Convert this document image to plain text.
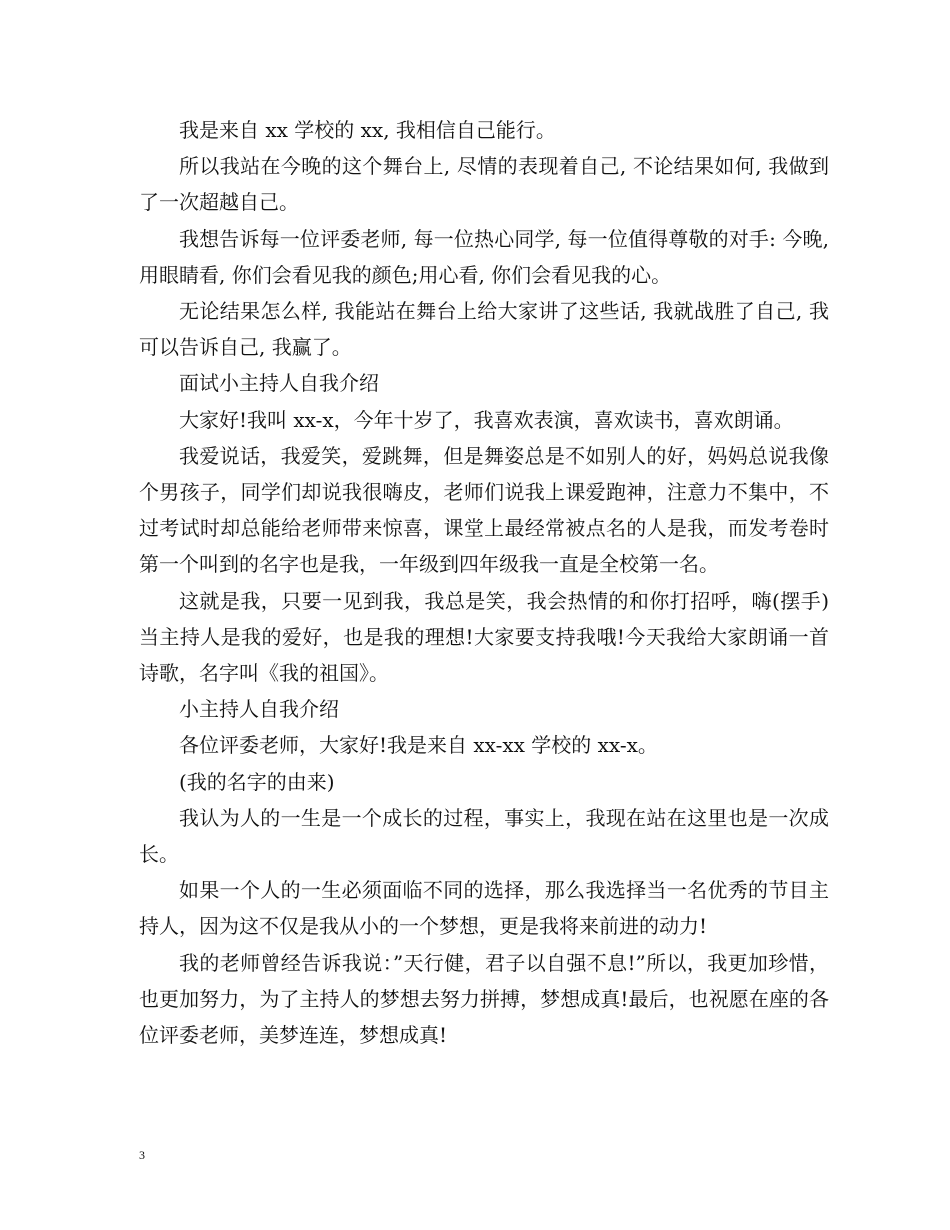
我是来自 xx 学校的 xx, 我相信自己能行。

所以我站在今晚的这个舞台上, 尽情的表现着自己, 不论结果如何, 我做到了一次超越自己。

我想告诉每一位评委老师, 每一位热心同学, 每一位值得尊敬的对手: 今晚, 用眼睛看, 你们会看见我的颜色;用心看, 你们会看见我的心。

无论结果怎么样, 我能站在舞台上给大家讲了这些话, 我就战胜了自己, 我可以告诉自己, 我赢了。

面试小主持人自我介绍

大家好!我叫 xx-x，今年十岁了，我喜欢表演，喜欢读书，喜欢朗诵。

我爱说话，我爱笑，爱跳舞，但是舞姿总是不如别人的好，妈妈总说我像个男孩子，同学们却说我很嗨皮，老师们说我上课爱跑神，注意力不集中，不过考试时却总能给老师带来惊喜，课堂上最经常被点名的人是我，而发考卷时第一个叫到的名字也是我，一年级到四年级我一直是全校第一名。

这就是我，只要一见到我，我总是笑，我会热情的和你打招呼，嗨(摆手)当主持人是我的爱好，也是我的理想!大家要支持我哦!今天我给大家朗诵一首诗歌，名字叫《我的祖国》。

小主持人自我介绍

各位评委老师，大家好!我是来自 xx-xx 学校的 xx-x。

(我的名字的由来)

我认为人的一生是一个成长的过程，事实上，我现在站在这里也是一次成长。

如果一个人的一生必须面临不同的选择，那么我选择当一名优秀的节目主持人，因为这不仅是我从小的一个梦想，更是我将来前进的动力!

我的老师曾经告诉我说：”天行健，君子以自强不息!”所以，我更加珍惜，也更加努力，为了主持人的梦想去努力拼搏，梦想成真!最后，也祝愿在座的各位评委老师，美梦连连，梦想成真!

3
